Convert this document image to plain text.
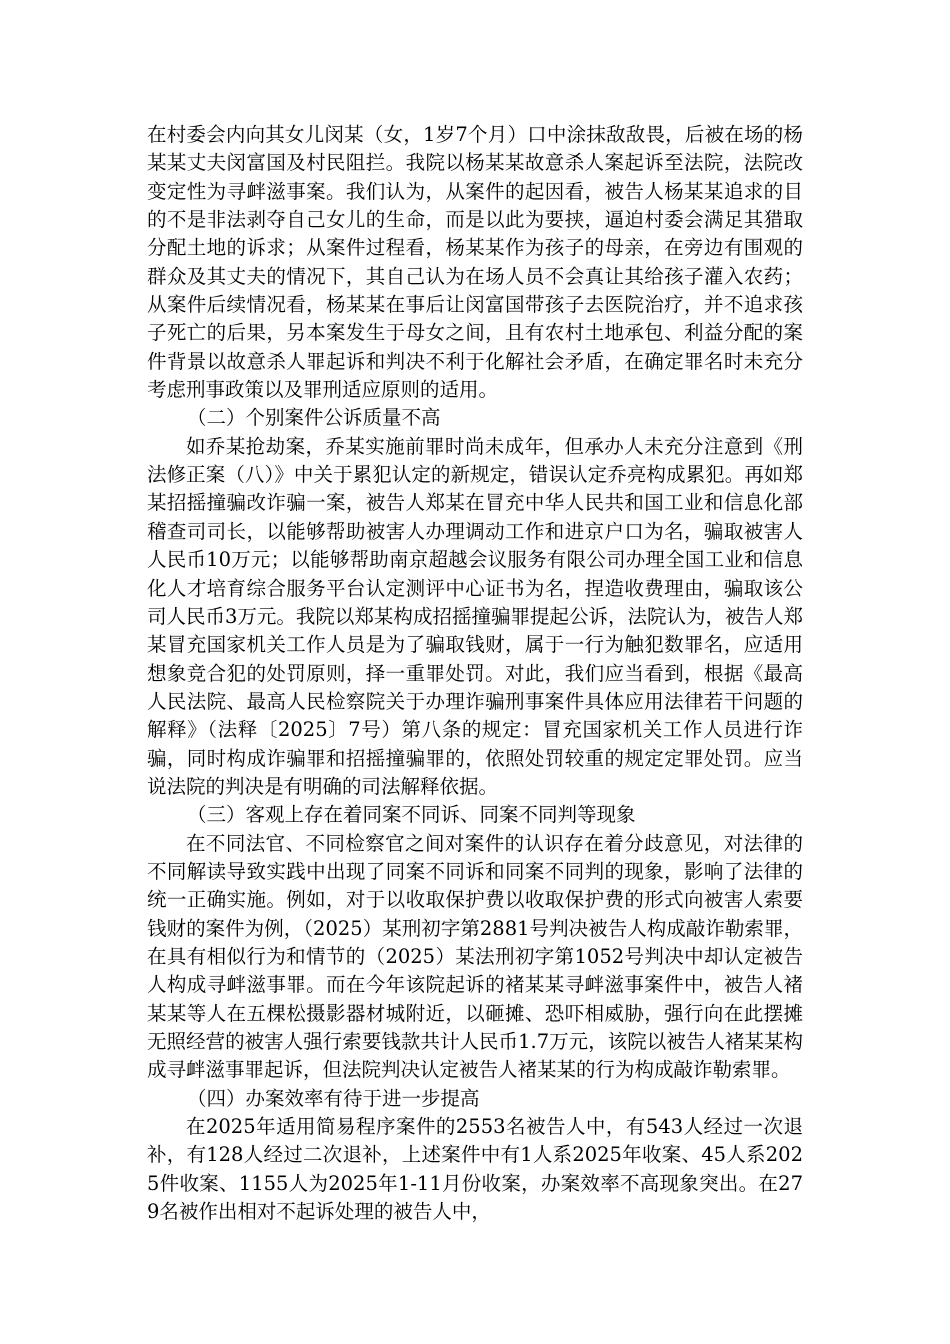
在村委会内向其女儿闵某（女，1岁7个月）口中涂抹敌敌畏，后被在场的杨某某丈夫闵富国及村民阻拦。我院以杨某某故意杀人案起诉至法院，法院改变定性为寻衅滋事案。我们认为，从案件的起因看，被告人杨某某追求的目的不是非法剥夺自己女儿的生命，而是以此为要挟，逼迫村委会满足其猎取分配土地的诉求；从案件过程看，杨某某作为孩子的母亲，在旁边有围观的群众及其丈夫的情况下，其自己认为在场人员不会真让其给孩子灌入农药；从案件后续情况看，杨某某在事后让闵富国带孩子去医院治疗，并不追求孩子死亡的后果，另本案发生于母女之间，且有农村土地承包、利益分配的案件背景以故意杀人罪起诉和判决不利于化解社会矛盾，在确定罪名时未充分考虑刑事政策以及罪刑适应原则的适用。

（二）个别案件公诉质量不高

如乔某抢劫案，乔某实施前罪时尚未成年，但承办人未充分注意到《刑法修正案（八）》中关于累犯认定的新规定，错误认定乔亮构成累犯。再如郑某招摇撞骗改诈骗一案，被告人郑某在冒充中华人民共和国工业和信息化部稽查司司长，以能够帮助被害人办理调动工作和进京户口为名，骗取被害人人民币10万元；以能够帮助南京超越会议服务有限公司办理全国工业和信息化人才培育综合服务平台认定测评中心证书为名，捏造收费理由，骗取该公司人民币3万元。我院以郑某构成招摇撞骗罪提起公诉，法院认为，被告人郑某冒充国家机关工作人员是为了骗取钱财，属于一行为触犯数罪名，应适用想象竞合犯的处罚原则，择一重罪处罚。对此，我们应当看到，根据《最高人民法院、最高人民检察院关于办理诈骗刑事案件具体应用法律若干问题的解释》（法释〔2025〕7号）第八条的规定：冒充国家机关工作人员进行诈骗，同时构成诈骗罪和招摇撞骗罪的，依照处罚较重的规定定罪处罚。应当说法院的判决是有明确的司法解释依据。

（三）客观上存在着同案不同诉、同案不同判等现象

在不同法官、不同检察官之间对案件的认识存在着分歧意见，对法律的不同解读导致实践中出现了同案不同诉和同案不同判的现象，影响了法律的统一正确实施。例如，对于以收取保护费以收取保护费的形式向被害人索要钱财的案件为例，（2025）某刑初字第2881号判决被告人构成敲诈勒索罪，在具有相似行为和情节的（2025）某法刑初字第1052号判决中却认定被告人构成寻衅滋事罪。而在今年该院起诉的褚某某寻衅滋事案件中，被告人褚某某等人在五棵松摄影器材城附近，以砸摊、恐吓相威胁，强行向在此摆摊无照经营的被害人强行索要钱款共计人民币1.7万元，该院以被告人褚某某构成寻衅滋事罪起诉，但法院判决认定被告人褚某某的行为构成敲诈勒索罪。

（四）办案效率有待于进一步提高

在2025年适用简易程序案件的2553名被告人中，有543人经过一次退补，有128人经过二次退补，上述案件中有1人系2025年收案、45人系2025件收案、1155人为2025年1-11月份收案，办案效率不高现象突出。在279名被作出相对不起诉处理的被告人中，
